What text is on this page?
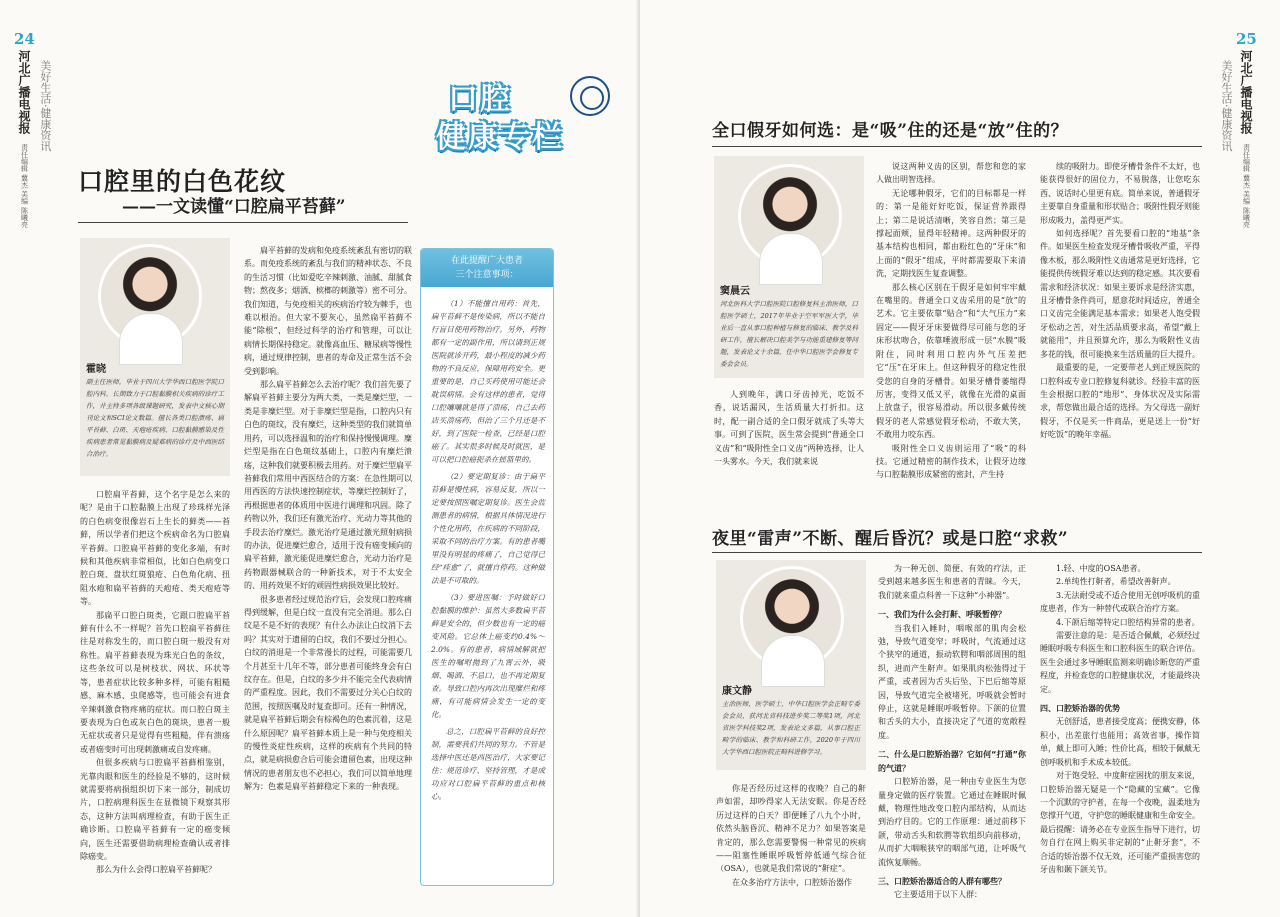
24
河北广播电视报
责任编辑 冀杰 美编 陈曦亮
美好生活·健康资讯	口腔
健康专栏
口腔里的白色花纹
——一文读懂“口腔扁平苔藓”
霍晓
副主任医师，毕业于四川大学华西口腔医学院口腔内科。长期致力于口腔黏膜相关疾病的诊疗工作，并主持多项各级课题研究，发表中文核心期刊论文和SCI论文数篇。擅长各类口腔溃疡、扁平苔藓、白斑、天疱疮疾病、口腔黏膜感染及性疾病患者常见黏膜病及疑难病的诊疗及中西医结合治疗。

口腔扁平苔藓，这个名字是怎么来的呢？是由于口腔黏膜上出现了珍珠样光泽的白色病变很像岩石上生长的藓类——苔藓，所以学者们把这个疾病命名为口腔扁平苔藓。口腔扁平苔藓的变化多端，有时候和其他疾病非常相似，比如白色病变口腔白斑、盘状红斑狼疮、白色角化病、扭阻水疱和扁平苔藓的天疱疮、类天疱疮等等。

那扁平口腔白斑类，它跟口腔扁平苔藓有什么不一样呢？首先口腔扁平苔藓往往是对称发生的，而口腔白斑一般没有对称性。扁平苔藓表现为珠光白色的条纹，这些条纹可以是树枝状、网状、环状等等，患者症状比较多种多样，可能有粗糙感、麻木感、虫爬感等，也可能会有进食辛辣刺激食物疼痛的症状。而口腔白斑主要表现为白色或灰白色的斑块，患者一般无症状或者只是觉得有些粗糙，伴有溃疡或者癌变时可出现刺激痛或自发疼痛。

但很多疾病与口腔扁平苔藓相鉴别，光靠肉眼和医生的经验是不够的，这时候就需要将病损组织切下来一部分，制成切片，口腔病理科医生在显微镜下观察其形态，这种方法叫病理检查，有助于医生正确诊断。口腔扁平苔藓有一定的癌变倾向，医生还需要借助病理检查确认或者排除癌变。

那么为什么会得口腔扁平苔藓呢？

扁平苔藓的发病和免疫系统紊乱有密切的联系。而免疫系统的紊乱与我们的精神状态、不良的生活习惯（比如爱吃辛辣刺激、油腻、甜腻食物；熬夜多；烟酒、槟榔的刺激等）密不可分。我们知道，与免疫相关的疾病治疗较为棘手，也难以根治。但大家不要灰心，虽然扁平苔藓不能“除根”，但经过科学的治疗和管理，可以让病情长期保持稳定。就像高血压、糖尿病等慢性病，通过规律控制，患者的寿命及正常生活不会受到影响。

那么扁平苔藓怎么去治疗呢？我们首先要了解扁平苔藓主要分为两大类，一类是糜烂型，一类是非糜烂型。对于非糜烂型是指，口腔内只有白色的斑纹，没有糜烂，这种类型的我们就简单用药，可以选择温和的治疗和保持慢慢调理。糜烂型是指在白色斑纹基础上，口腔内有糜烂溃疡，这种我们就要积极去用药。对于糜烂型扁平苔藓我们常用中西医结合的方案：在急性期可以用西医的方法快速控制症状，等糜烂控制好了，再根据患者的体质用中医进行调理和巩固。除了药物以外，我们还有激光治疗、光动力等其他的手段去治疗糜烂。激光治疗是通过激光照射病损的办法，促进糜烂愈合，适用于没有癌变倾向的扁平苔藓，激光能促进糜烂愈合，光动力治疗是药物跟器械联合的一种新技术，对于不太安全的、用药效果不好的顽固性病损效果比较好。

很多患者经过规范治疗后，会发现口腔疼痛得到缓解，但是白纹一直没有完全消退。那么白纹是不是不好的表现？有什么办法让白纹消下去吗？其实对于遗留的白纹，我们不要过分担心。白纹的消退是一个非常漫长的过程，可能需要几个月甚至十几年不等，部分患者可能终身会有白纹存在。但是，白纹的多少并不能完全代表病情的严重程度。因此，我们不需要过分关心白纹的范围，按照医嘱及时复查即可。还有一种情况，就是扁平苔藓后期会有棕褐色的色素沉着，这是什么原因呢？扁平苔藓本质上是一种与免疫相关的慢性炎症性疾病，这样的疾病有个共同的特点，就是病损愈合后可能会遗留色素，出现这种情况的患者朋友也不必担心，我们可以简单地理解为：色素是扁平苔藓稳定下来的一种表现。

在此提醒广大患者
三个注意事项：

（1）不能擅自用药：首先，扁平苔藓不是传染病，所以不能自行盲目使用药物治疗。另外，药物都有一定的副作用，所以请到正规医院就诊开药，最小程度的减少药物的不良反应，保障用药安全。更重要的是，自己买药使用可能还会耽误病情。会有这样的患者，觉得口腔嚷嚷就是得了溃疡，自己去药店买溃疡药，但治了三个月还是不好，到了医院一检查，已经是口腔癌了。其实很多时候及时就医，是可以把口腔癌扼杀在摇篮里的。

（2）要定期复诊：由于扁平苔藓是慢性病，容易反复，所以一定要按照医嘱定期复诊。医生会监测患者的病情，根据具体情况进行个性化用药，在疾病的不同阶段，采取不同的治疗方案。有的患者嘴里没有明显的疼痛了，自己觉得已经“痊愈”了，就擅自停药。这种做法是不可取的。

（3）要进医嘱：予时做好口腔黏膜的维护：虽然大多数扁平苔藓是安全的，但少数也有一定的癌变风险。它总体上癌变约0.4%～2.0%。有的患者，病情域解就把医生的嘱咐抛到了九霄云外，吸烟、喝酒、不忌口，也不再定期复查。导致口腔内再次出现糜烂和疼痛，有可能病情会发生一定的变化。

总之，口腔扁平苔藓的良好控制，需要我们共同的努力。不管是选择中医还是西医治疗，大家要记住：规范诊疗、坚持管理，才是成功应对口腔扁平苔藓的重点和核心。

美好生活·健康资讯
25
河北广播电视报
责任编辑 冀杰 美编 陈曦亮
全口假牙如何选：是“吸”住的还是“放”住的？
窦晨云
河北医科大学口腔医院口腔修复科主治医师，口腔医学硕士，2017年毕业于空军军医大学，毕业后一直从事口腔种植与修复的临床、教学及科研工作，擅长解决口腔美学与功能重建修复等问题，发表论文十余篇，任中华口腔医学会修复专委会会员。

人到晚年，满口牙齿掉光，吃饭不香，说话漏风，生活质量大打折扣。这时，配一副合适的全口假牙就成了头等大事。可到了医院，医生常会提到“普通全口义齿”和“吸附性全口义齿”两种选择，让人一头雾水。今天，我们就来说

说这两种义齿的区别，帮您和您的家人做出明智选择。

无论哪种假牙，它们的目标都是一样的：第一是能好好吃饭，保证营养跟得上；第二是说话清晰，笑容自然；第三是撑起面颊，显得年轻精神。这两种假牙的基本结构也相同，都由粉红色的“牙床”和上面的“假牙”组成，平时都需要取下来清洗，定期找医生复查调整。

那么核心区别在于假牙是如何牢牢戴在嘴里的。普通全口义齿采用的是“放”的艺术。它主要依靠“贴合”和“大气压力”来固定——假牙牙床要做得尽可能与您的牙床形状吻合，依靠唾液形成一层“水膜”吸附住，同时利用口腔内外气压差把它“压”在牙床上。但这种假牙的稳定性很受您的自身的牙槽骨。如果牙槽骨萎缩得厉害，变得又低又平，就像在光滑的桌面上放盘子，很容易滑动。所以很多戴传统假牙的老人常感觉假牙松动，不敢大笑，不敢用力咬东西。

吸附性全口义齿则运用了“吸”的科技。它通过精密的制作技术，让假牙边缘与口腔黏膜形成紧密的密封，产生持

续的吸附力。即使牙槽骨条件不太好，也能获得很好的固位力，不易脱落，让您吃东西、说话时心里更有底。简单来说，普通假牙主要靠自身重量和形状贴合；吸附性假牙则能形成吸力，盖得更严实。

如何选择呢？首先要看口腔的“地基”条件。如果医生检查发现牙槽骨吸收严重，平得像木板，那么吸附性义齿通常是更好选择，它能提供传统假牙难以达到的稳定感。其次要看需求和经济状况：如果主要诉求是经济实惠，且牙槽骨条件尚可，愿意花时间适应，普通全口义齿完全能满足基本需求；如果老人饱受假牙松动之苦，对生活品质要求高，希望“戴上就能用”，并且预算允许，那么为吸附性义齿多花的钱，很可能换来生活质量的巨大提升。

最重要的是，一定要带老人到正规医院的口腔科或专业口腔修复科就诊。经验丰富的医生会根据口腔的“地形”、身体状况及实际需求，帮您做出最合适的选择。为父母选一副好假牙，不仅是买一件商品，更是送上一份“好好吃饭”的晚年幸福。

夜里“雷声”不断、醒后昏沉？或是口腔“求救”
康文静
主治医师，医学硕士，中华口腔医学会正畸专委会会员，获河北省科技进步奖二等奖1项，河北省医学科技奖2项，发表论文多篇，从事口腔正畸学的临床、教学和科研工作，2020年于四川大学华西口腔医院正畸科进修学习。

你是否经历过这样的夜晚？自己的鼾声如雷，却吵得家人无法安眠。你是否经历过这样的白天？即便睡了八九个小时，依然头脑昏沉、精神不足力？如果答案是肯定的，那么您需要警惕一种常见的疾病——阻塞性睡眠呼吸暂停低通气综合征（OSA），也就是我们常说的“鼾症”。

在众多治疗方法中，口腔矫治器作

为一种无创、简便、有效的疗法，正受到越来越多医生和患者的青睐。今天，我们就来重点科普一下这种“小神器”。

一、我们为什么会打鼾、呼吸暂停？

当我们入睡时，咽喉部的肌肉会松弛，导致气道变窄；呼吸时，气流通过这个狭窄的通道，振动软腭和咽部周围的组织，进而产生鼾声。如果肌肉松弛得过于严重，或者因为舌头后坠、下巴后缩等原因，导致气道完全被堵死，呼吸就会暂时停止，这就是睡眠呼吸暂停。下颌的位置和舌头的大小，直接决定了气道的宽敞程度。

二、什么是口腔矫治器？它如何“打通”你的气道？

口腔矫治器，是一种由专业医生为您量身定做的医疗装置。它通过在睡眠时佩戴，物理性地改变口腔内部结构，从而达到治疗目的。它的工作原理：通过前移下颌，带动舌头和软腭等软组织向前移动，从而扩大咽喉狭窄的咽部气道，让呼吸气流恢复顺畅。

三、口腔矫治器适合的人群有哪些？

它主要适用于以下人群：

1.轻、中度的OSA患者。

2.单纯性打鼾者，希望改善鼾声。

3.无法耐受或不适合使用无创呼吸机的重度患者，作为一种替代或联合治疗方案。

4.下颌后缩等特定口腔结构异常的患者。

需要注意的是：是否适合佩戴，必须经过睡眠呼吸专科医生和口腔科医生的联合评估。医生会通过多导睡眠监测来明确诊断您的严重程度，并检查您的口腔健康状况，才能最终决定。

四、口腔矫治器的优势

无创舒适，患者接受度高；便携安静，体积小，出差旅行也能用；高效省事，操作简单，戴上即可入睡；性价比高，相较于佩戴无创呼吸机和手术成本较低。

对于饱受轻、中度鼾症困扰的朋友来说，口腔矫治器无疑是一个“隐藏的宝藏”。它像一个沉默的守护者，在每一个夜晚，温柔地为您撑开气道，守护您的睡眠健康和生命安全。最后提醒：请务必在专业医生指导下进行，切勿自行在网上购买非定制的“止鼾牙套”，不合适的矫治器不仅无效，还可能严重损害您的牙齿和颞下颌关节。
